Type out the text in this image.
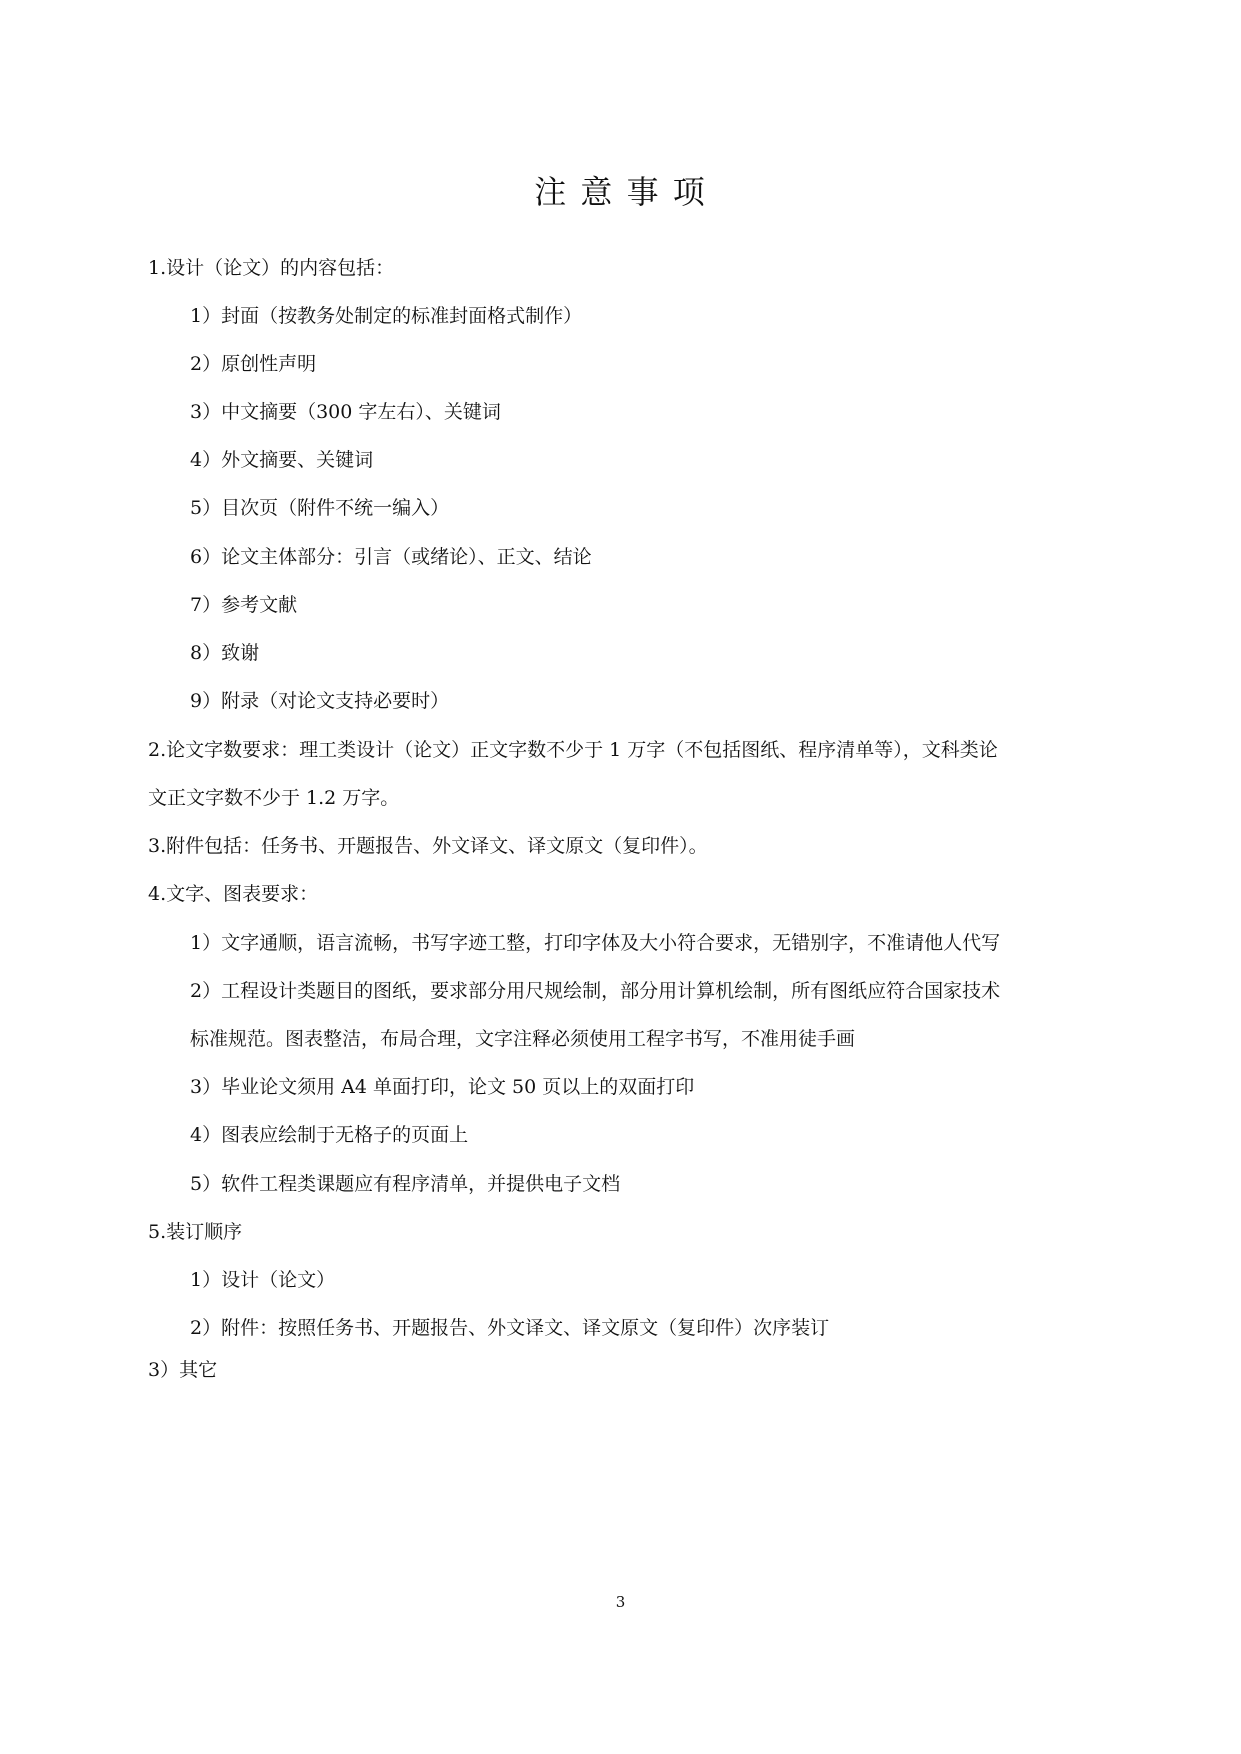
注 意 事 项
1.设计（论文）的内容包括：
1）封面（按教务处制定的标准封面格式制作）
2）原创性声明
3）中文摘要（300 字左右）、关键词
4）外文摘要、关键词
5）目次页（附件不统一编入）
6）论文主体部分：引言（或绪论）、正文、结论
7）参考文献
8）致谢
9）附录（对论文支持必要时）
2.论文字数要求：理工类设计（论文）正文字数不少于 1 万字（不包括图纸、程序清单等），文科类论
文正文字数不少于 1.2 万字。
3.附件包括：任务书、开题报告、外文译文、译文原文（复印件）。
4.文字、图表要求：
1）文字通顺，语言流畅，书写字迹工整，打印字体及大小符合要求，无错别字，不准请他人代写
2）工程设计类题目的图纸，要求部分用尺规绘制，部分用计算机绘制，所有图纸应符合国家技术
标准规范。图表整洁，布局合理，文字注释必须使用工程字书写，不准用徒手画
3）毕业论文须用 A4 单面打印，论文 50 页以上的双面打印
4）图表应绘制于无格子的页面上
5）软件工程类课题应有程序清单，并提供电子文档
5.装订顺序
1）设计（论文）
2）附件：按照任务书、开题报告、外文译文、译文原文（复印件）次序装订
3）其它
3
